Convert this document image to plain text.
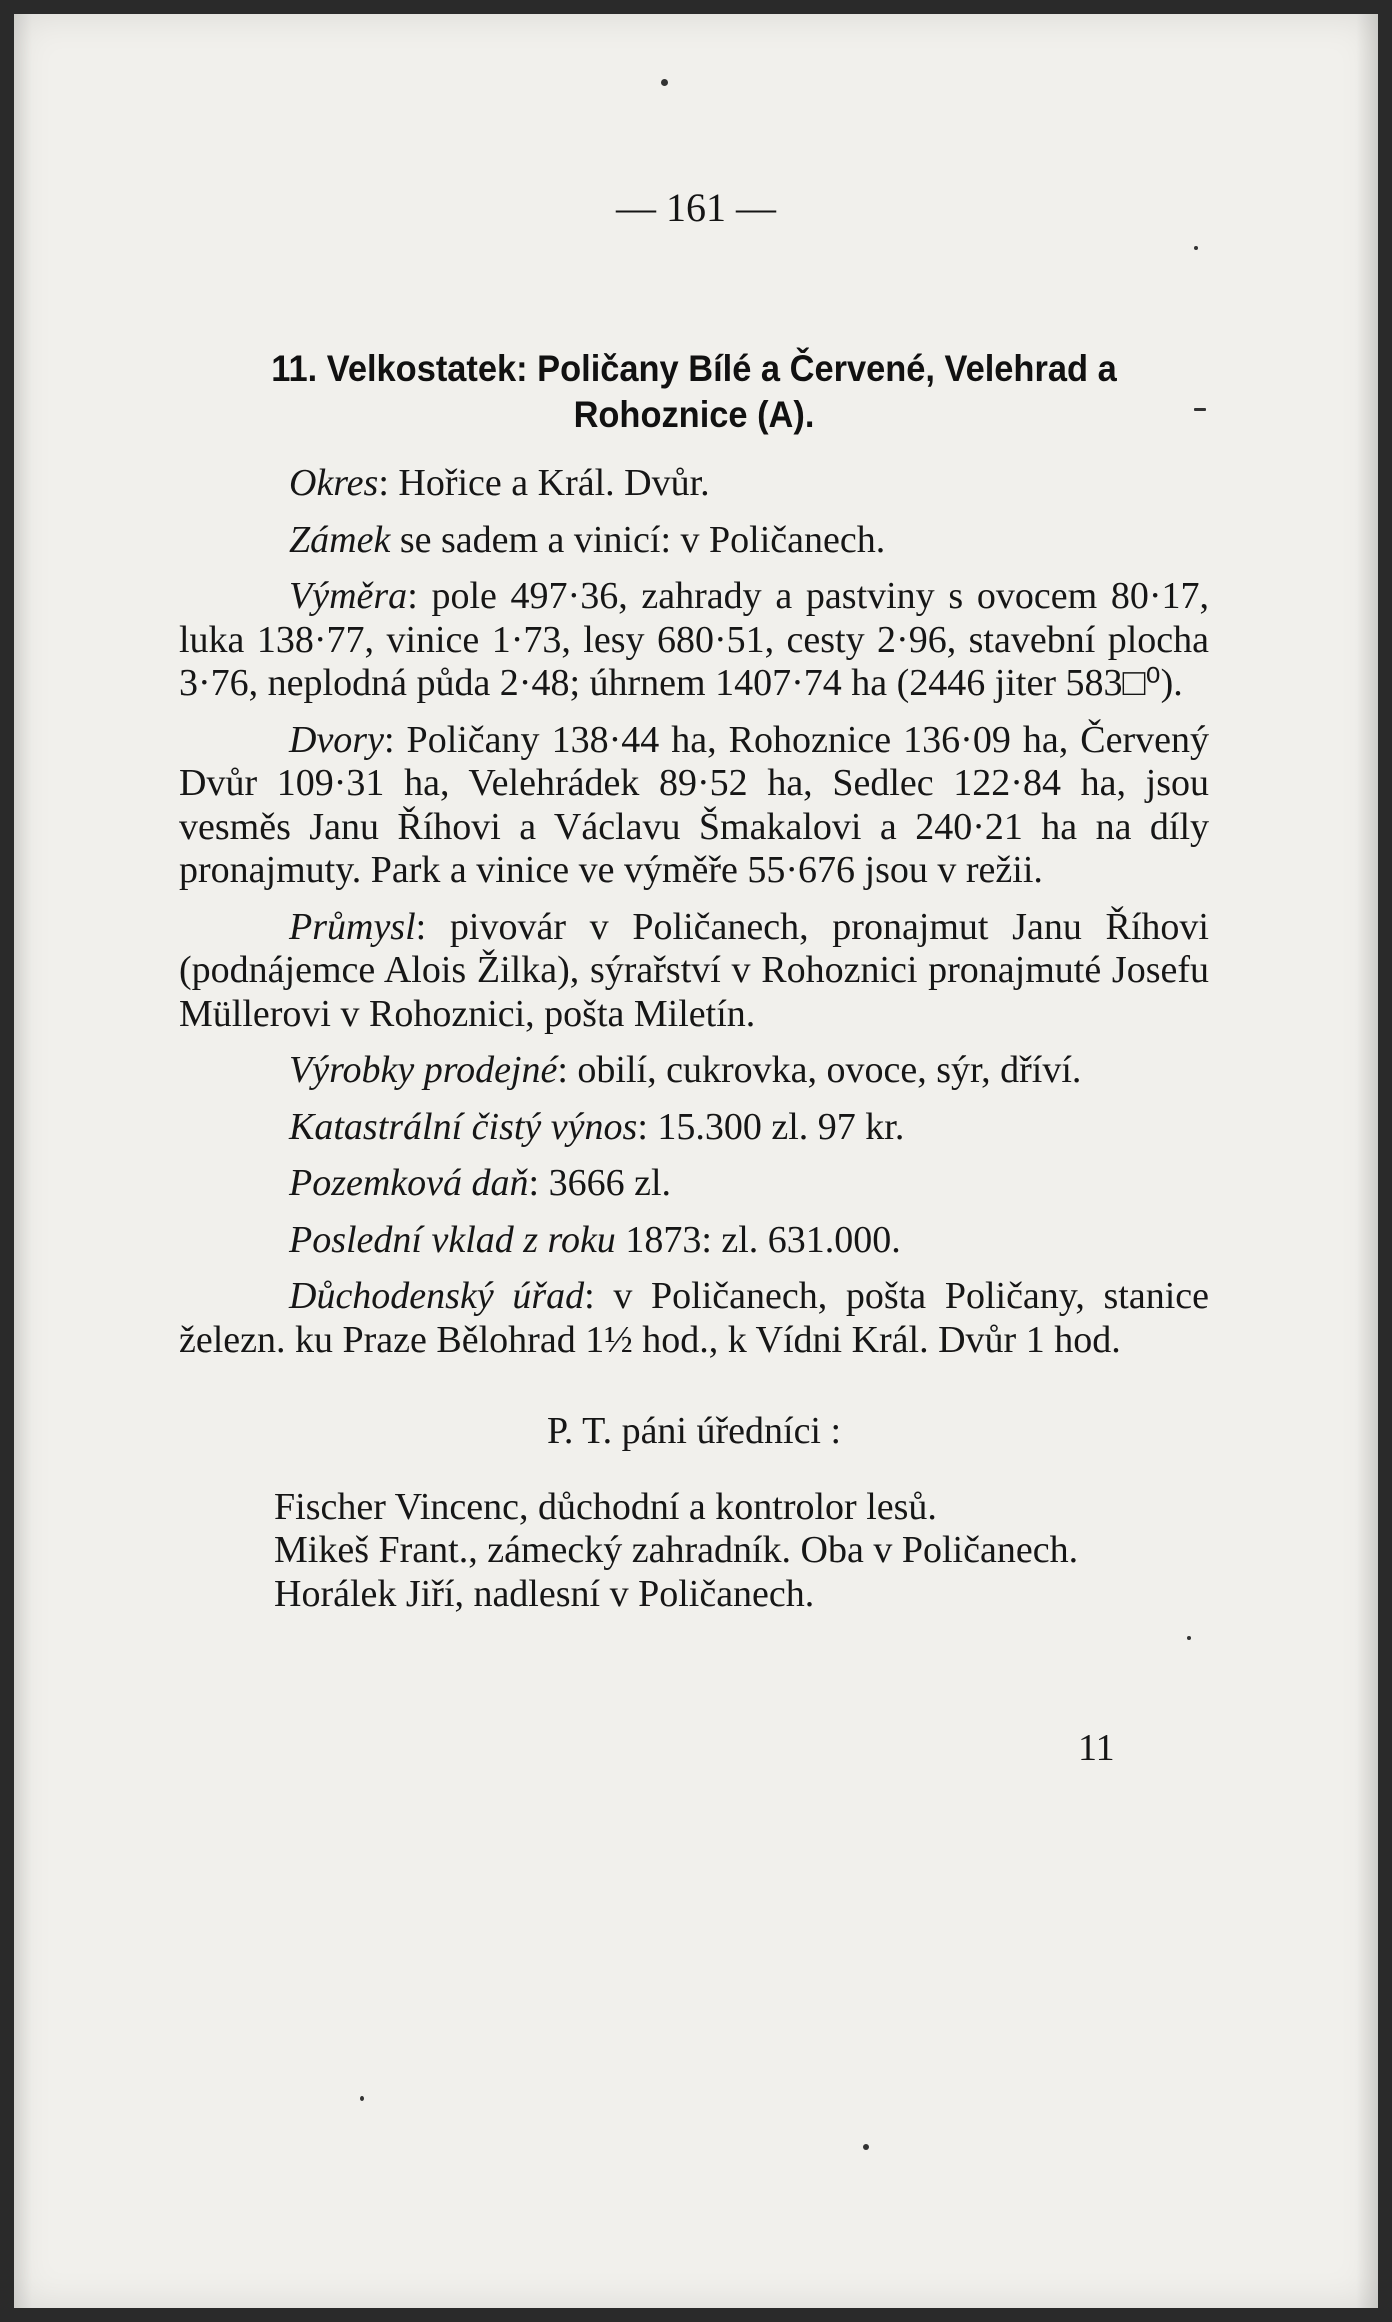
— 161 —
11. Velkostatek: Poličany Bílé a Červené, Velehrad a
Rohoznice (A).

Okres: Hořice a Král. Dvůr.

Zámek se sadem a vinicí: v Poličanech.

Výměra: pole 497·36, zahrady a pastviny s ovocem 80·17, luka 138·77, vinice 1·73, lesy 680·51, cesty 2·96, stavební plocha 3·76, neplodná půda 2·48; úhrnem 1407·74 ha (2446 jiter 583□⁰).

Dvory: Poličany 138·44 ha, Rohoznice 136·09 ha, Červený Dvůr 109·31 ha, Velehrádek 89·52 ha, Sedlec 122·84 ha, jsou vesměs Janu Říhovi a Václavu Šmakalovi a 240·21 ha na díly pronajmuty. Park a vinice ve výměře 55·676 jsou v režii.

Průmysl: pivovár v Poličanech, pronajmut Janu Říhovi (podnájemce Alois Žilka), sýrařství v Rohoznici pronajmuté Josefu Müllerovi v Rohoznici, pošta Miletín.

Výrobky prodejné: obilí, cukrovka, ovoce, sýr, dříví.

Katastrální čistý výnos: 15.300 zl. 97 kr.

Pozemková daň: 3666 zl.

Poslední vklad z roku 1873: zl. 631.000.

Důchodenský úřad: v Poličanech, pošta Poličany, stanice železn. ku Praze Bělohrad 1½ hod., k Vídni Král. Dvůr 1 hod.

P. T. páni úředníci :

Fischer Vincenc, důchodní a kontrolor lesů.

Mikeš Frant., zámecký zahradník. Oba v Poličanech.

Horálek Jiří, nadlesní v Poličanech.

11
